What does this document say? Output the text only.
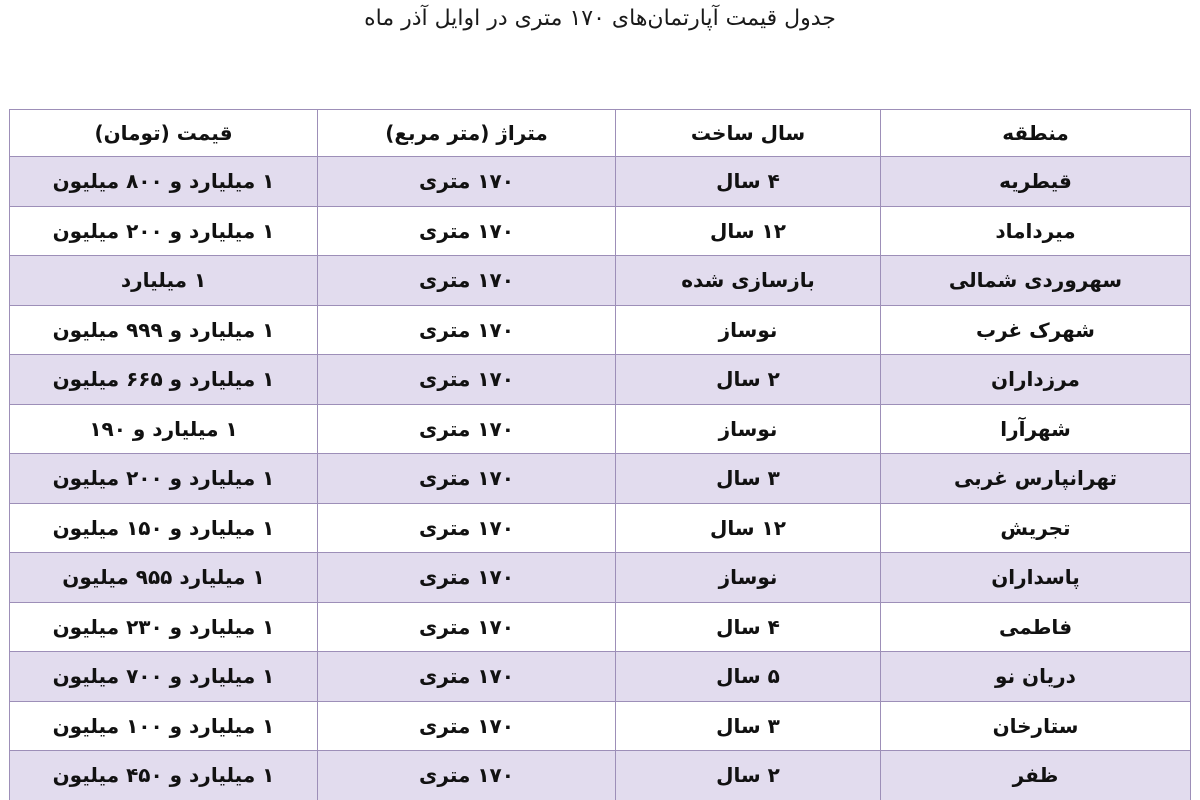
جدول قیمت آپارتمان‌های ۱۷۰ متری در اوایل آذر ماه
منطقه	سال ساخت	متراژ (متر مربع)	قیمت (تومان)
قیطریه	۴ سال	۱۷۰ متری	۱ میلیارد و ۸۰۰ میلیون
میرداماد	۱۲ سال	۱۷۰ متری	۱ میلیارد و ۲۰۰ میلیون
سهروردی شمالی	بازسازی شده	۱۷۰ متری	۱ میلیارد
شهرک غرب	نوساز	۱۷۰ متری	۱ میلیارد و ۹۹۹ میلیون
مرزداران	۲ سال	۱۷۰ متری	۱ میلیارد و ۶۶۵ میلیون
شهرآرا	نوساز	۱۷۰ متری	۱ میلیارد و ۱۹۰
تهرانپارس غربی	۳ سال	۱۷۰ متری	۱ میلیارد و ۲۰۰ میلیون
تجریش	۱۲ سال	۱۷۰ متری	۱ میلیارد و ۱۵۰ میلیون
پاسداران	نوساز	۱۷۰ متری	۱ میلیارد ۹۵۵ میلیون
فاطمی	۴ سال	۱۷۰ متری	۱ میلیارد و ۲۳۰ میلیون
دریان نو	۵ سال	۱۷۰ متری	۱ میلیارد و ۷۰۰ میلیون
ستارخان	۳ سال	۱۷۰ متری	۱ میلیارد و ۱۰۰ میلیون
ظفر	۲ سال	۱۷۰ متری	۱ میلیارد و ۴۵۰ میلیون
